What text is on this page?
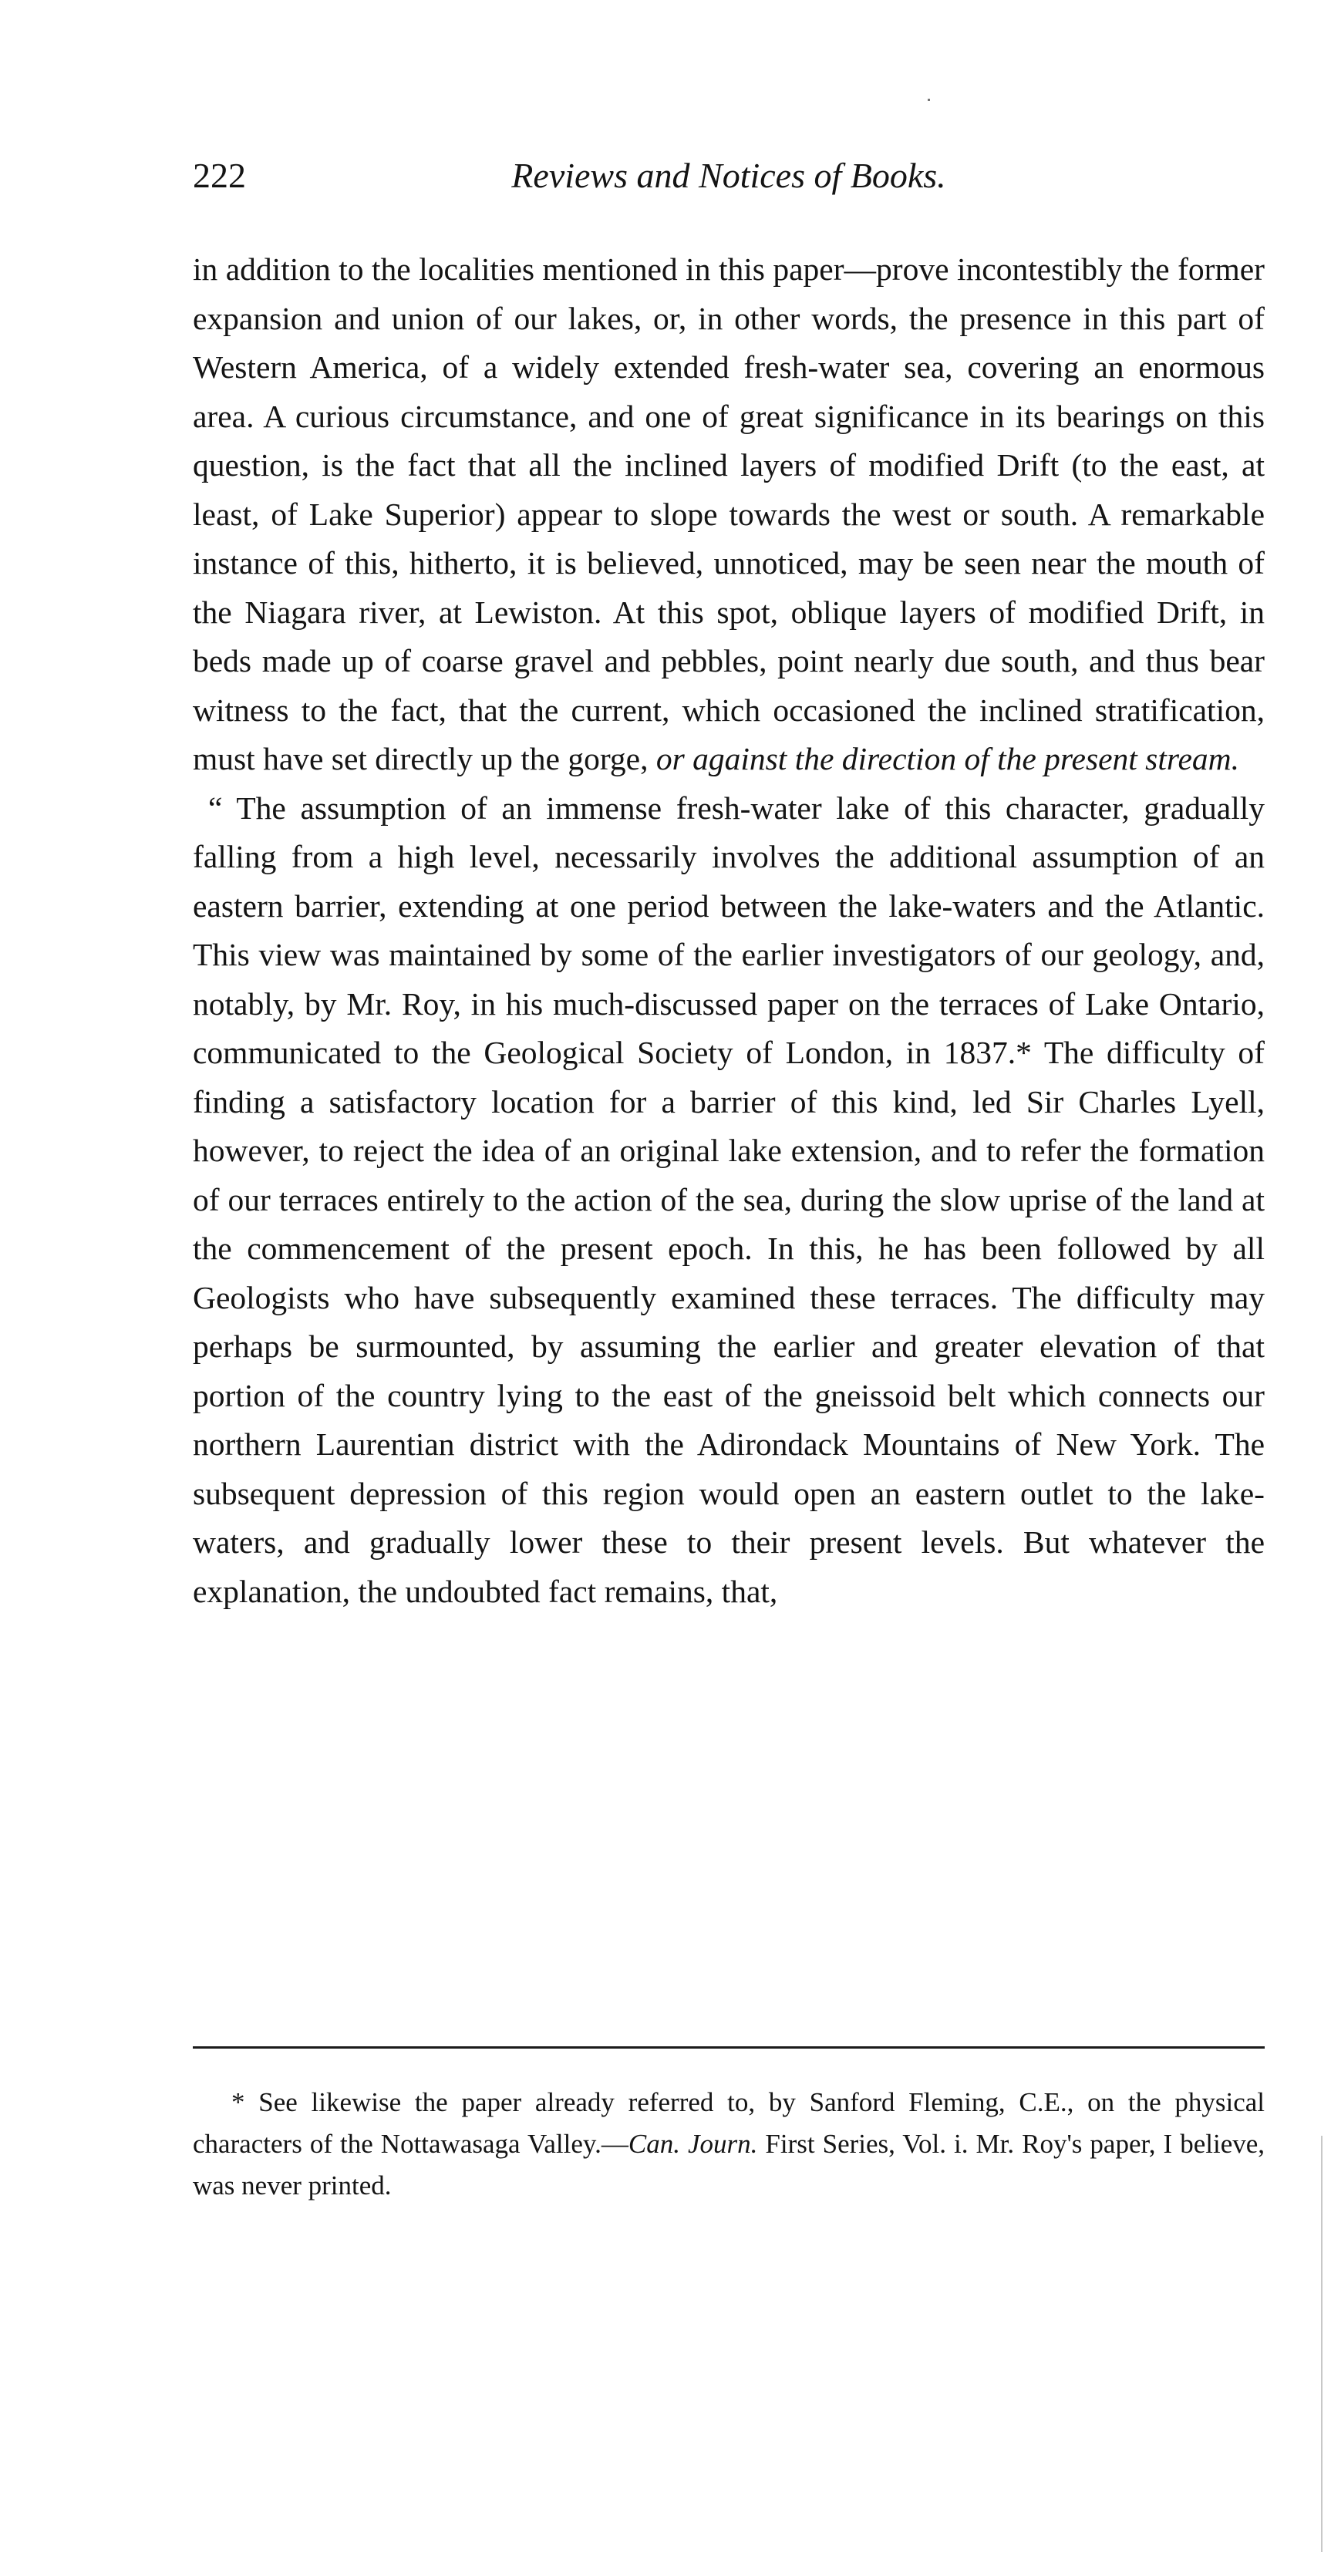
Reviews and Notices of Books.
222

in addition to the localities mentioned in this paper—prove incontestibly the former expansion and union of our lakes, or, in other words, the presence in this part of Western America, of a widely extended fresh-water sea, covering an enormous area. A curious circumstance, and one of great significance in its bearings on this question, is the fact that all the inclined layers of modified Drift (to the east, at least, of Lake Superior) appear to slope towards the west or south. A remarkable instance of this, hitherto, it is believed, unnoticed, may be seen near the mouth of the Niagara river, at Lewiston. At this spot, oblique layers of modified Drift, in beds made up of coarse gravel and pebbles, point nearly due south, and thus bear witness to the fact, that the current, which occasioned the inclined stratification, must have set directly up the gorge, or against the direction of the present stream.

“ The assumption of an immense fresh-water lake of this character, gradually falling from a high level, necessarily involves the additional assumption of an eastern barrier, extending at one period between the lake-waters and the Atlantic. This view was maintained by some of the earlier investigators of our geology, and, notably, by Mr. Roy, in his much-discussed paper on the terraces of Lake Ontario, communicated to the Geological Society of London, in 1837.* The difficulty of finding a satisfactory location for a barrier of this kind, led Sir Charles Lyell, however, to reject the idea of an original lake extension, and to refer the formation of our terraces entirely to the action of the sea, during the slow uprise of the land at the commencement of the present epoch. In this, he has been followed by all Geologists who have subsequently examined these terraces. The difficulty may perhaps be surmounted, by assuming the earlier and greater elevation of that portion of the country lying to the east of the gneissoid belt which connects our northern Laurentian district with the Adirondack Mountains of New York. The subsequent depression of this region would open an eastern outlet to the lake-waters, and gradually lower these to their present levels. But whatever the explanation, the undoubted fact remains, that,

* See likewise the paper already referred to, by Sanford Fleming, C.E., on the physical characters of the Nottawasaga Valley.—Can. Journ. First Series, Vol. i. Mr. Roy's paper, I believe, was never printed.
